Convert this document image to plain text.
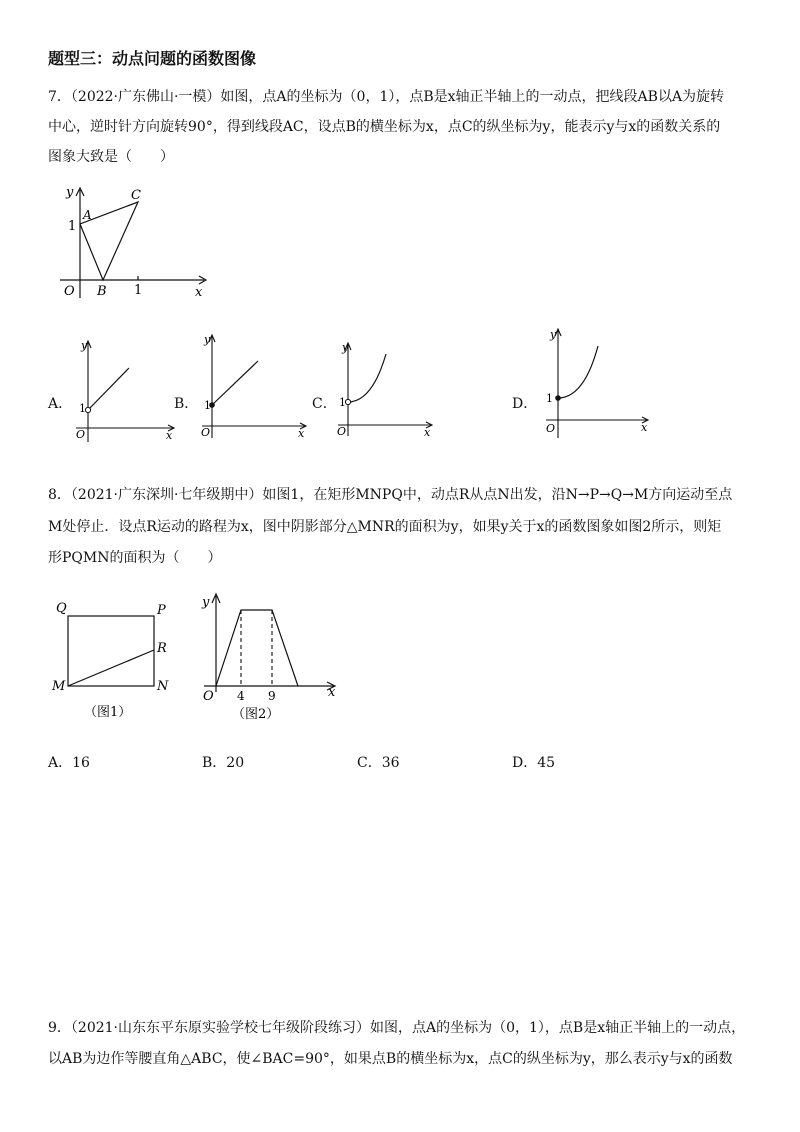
题型三：动点问题的函数图像
7．（2022·广东佛山·一模）如图，点A的坐标为（0，1），点B是x轴正半轴上的一动点，把线段AB以A为旋转
中心，逆时针方向旋转90°，得到线段AC，设点B的横坐标为x，点C的纵坐标为y，能表示y与x的函数关系的
图象大致是（　　）
y
A
C
1
O B 1	x
A．
y
1
O	x
B．
y
1
O	x
C．
y
1
O	x
D．
y
1
O	x
8．（2021·广东深圳·七年级期中）如图1，在矩形MNPQ中，动点R从点N出发，沿N→P→Q→M方向运动至点
M处停止．设点R运动的路程为x，图中阴影部分△MNR的面积为y，如果y关于x的函数图象如图2所示，则矩
形PQMN的面积为（　　）
Q	P
R
M	N
（图1）
y
O 4 9	x
（图2）
A．16	B．20	C．36	D．45
9．（2021·山东东平东原实验学校七年级阶段练习）如图，点A的坐标为（0，1），点B是x轴正半轴上的一动点，
以AB为边作等腰直角△ABC，使∠BAC=90°，如果点B的横坐标为x，点C的纵坐标为y，那么表示y与x的函数
